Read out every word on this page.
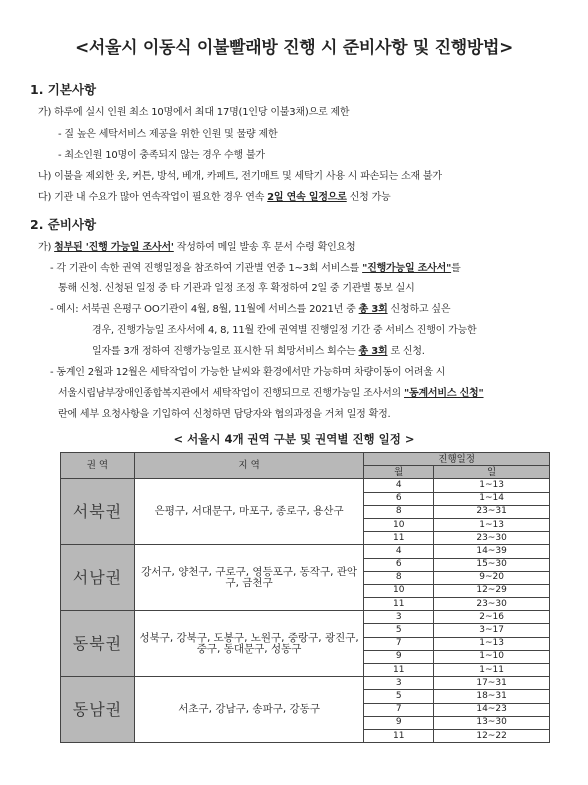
<서울시 이동식 이불빨래방 진행 시 준비사항 및 진행방법>
1. 기본사항
가) 하루에 실시 인원 최소 10명에서 최대 17명(1인당 이불3채)으로 제한
- 질 높은 세탁서비스 제공을 위한 인원 및 물량 제한
- 최소인원 10명이 충족되지 않는 경우 수행 불가
나) 이불을 제외한 옷, 커튼, 방석, 베개, 카페트, 전기매트 및 세탁기 사용 시 파손되는 소재 불가
다) 기관 내 수요가 많아 연속작업이 필요한 경우 연속 2일 연속 일정으로 신청 가능
2. 준비사항
가) 첨부된 '진행 가능일 조사서' 작성하여 메일 발송 후 문서 수령 확인요청
- 각 기관이 속한 권역 진행일정을 참조하여 기관별 연중 1~3회 서비스를 "진행가능일 조사서"를
통해 신청. 신청된 일정 중 타 기관과 일정 조정 후 확정하여 2일 중 기관별 통보 실시
- 예시: 서북권 은평구 OO기관이 4월, 8월, 11월에 서비스를 2021년 중 총 3회 신청하고 싶은
경우, 진행가능일 조사서에 4, 8, 11월 칸에 권역별 진행일정 기간 중 서비스 진행이 가능한
일자를 3개 정하여 진행가능일로 표시한 뒤 희망서비스 회수는 총 3회 로 신청.
- 동계인 2월과 12월은 세탁작업이 가능한 날씨와 환경에서만 가능하며 차량이동이 어려울 시
서울시립남부장애인종합복지관에서 세탁작업이 진행되므로 진행가능일 조사서의 "동계서비스 신청"
란에 세부 요청사항을 기입하여 신청하면 담당자와 협의과정을 거쳐 일정 확정.
< 서울시 4개 권역 구분 및 권역별 진행 일정 >
권 역	지 역	진행일정	
		월	일
서북권	은평구, 서대문구, 마포구, 종로구, 용산구	4	1~13
		6	1~14
		8	23~31
		10	1~13
		11	23~30
서남권	강서구, 양천구, 구로구, 영등포구, 동작구, 관악구, 금천구	4	14~39
		6	15~30
		8	9~20
		10	12~29
		11	23~30
동북권	성북구, 강북구, 도봉구, 노원구, 중랑구, 광진구, 중구, 동대문구, 성동구	3	2~16
		5	3~17
		7	1~13
		9	1~10
		11	1~11
동남권	서초구, 강남구, 송파구, 강동구	3	17~31
		5	18~31
		7	14~23
		9	13~30
		11	12~22
